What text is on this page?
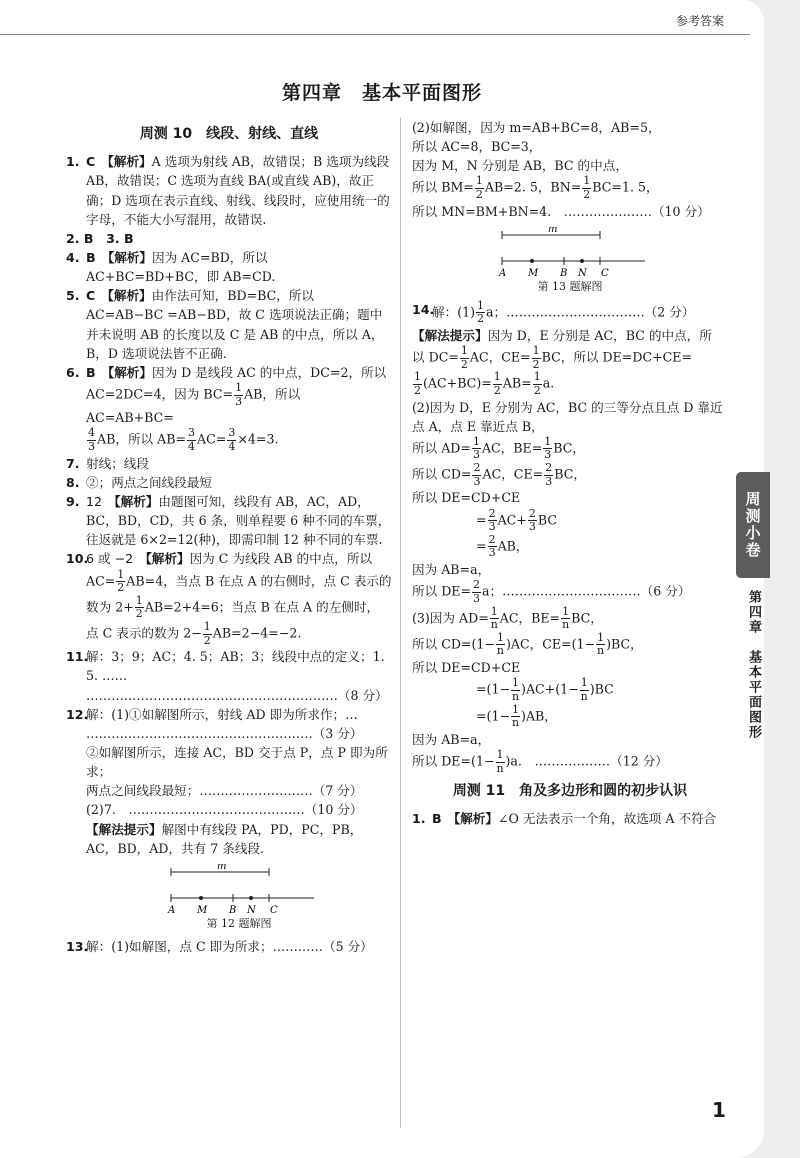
参考答案
第四章　基本平面图形
周测 10　线段、射线、直线
1. C 【解析】A 选项为射线 AB，故错误；B 选项为线段 AB，故错误；C 选项为直线 BA(或直线 AB)，故正确；D 选项在表示直线、射线、线段时，应使用统一的字母，不能大小写混用，故错误.

2. B　3. B

4. B 【解析】因为 AC=BD，所以 AC+BC=BD+BC，即 AB=CD.
5. C 【解析】由作法可知，BD=BC，所以 AC=AB−BC =AB−BD，故 C 选项说法正确；题中并未说明 AB 的长度以及 C 是 AB 的中点，所以 A，B，D 选项说法皆不正确.
6. B 【解析】因为 D 是线段 AC 的中点，DC=2，所以
AC=2DC=4，因为 $BC= \frac{1}{3}$ AB，所以 AC=AB+BC=

$\frac{4}{3}$ AB，所以 $AB= \frac{3}{4} AC= \frac{3}{4} \times 4=3$.
7. 射线；线段
8. ②；两点之间线段最短
9. 12 【解析】由题图可知，线段有 AB，AC，AD，BC，BD，CD，共 6 条，则单程要 6 种不同的车票，往返就是 6×2=12(种)，即需印制 12 种不同的车票.
10.
6 或 −2 【解析】因为 C 为线段 AB 的中点，所以
$AC= \frac{1}{2} AB=4$，当点 B 在点 A 的右侧时，点 C 表示的
数为 $2+ \frac{1}{2} AB=2+4=6$；当点 B 在点 A 的左侧时，
点 C 表示的数为 $2- \frac{1}{2} AB=2-4=-2$.
11.
解：3；9；AC；4. 5；AB；3；线段中点的定义；1. 5. ……
……………………………………………………（8 分）
12.
解：(1)①如解图所示，射线 AD 即为所求作；…
………………………………………………（3 分）
②如解图所示，连接 AC，BD 交于点 P，点 P 即为所求；
两点之间线段最短；………………………（7 分）
(2)7.　……………………………………（10 分）
【解法提示】解图中有线段 PA，PD，PC，PB，AC，BD，AD，共有 7 条线段.
m
A M B N C
第 12 题解图
13.
解：(1)如解图，点 C 即为所求；…………（5 分）

(2)如解图，因为 m=AB+BC=8，AB=5，

所以 AC=8，BC=3，

因为 M，N 分别是 AB，BC 的中点，

所以 $BM= \frac{1}{2} AB=2$. 5，$BN= \frac{1}{2} BC=1$. 5，

所以 MN=BM+BN=4.　…………………（10 分）

m
A M B N C
第 13 题解图
14.
解：$(1) \frac{1}{2}$ a；……………………………（2 分）

【解法提示】因为 D，E 分别是 AC，BC 的中点，所
以 $DC= \frac{1}{2}$ AC，$CE= \frac{1}{2}$ BC，所以 DE=DC+CE=

$\frac{1}{2} (AC+BC)= \frac{1}{2} AB= \frac{1}{2} a$.

(2)因为 D，E 分别为 AC，BC 的三等分点且点 D 靠近点 A，点 E 靠近点 B，

所以 $AD= \frac{1}{3}$ AC，$BE= \frac{1}{3}$ BC，

所以 $CD= \frac{2}{3}$ AC，$CE= \frac{2}{3}$ BC，

所以 DE=CD+CE

= $\frac{2}{3} AC+ \frac{2}{3}$ BC

= $\frac{2}{3}$ AB，

因为 AB=a，

所以 $DE= \frac{2}{3}$ a；……………………………（6 分）

(3)因为 $AD= \frac{1}{n}$ AC，$BE= \frac{1}{n}$ BC，

所以 $CD=(1- \frac{1}{n} )AC$，$CE=(1- \frac{1}{n} )BC$，

所以 DE=CD+CE

$=(1- \frac{1}{n} )AC+(1- \frac{1}{n} )BC$

$=(1- \frac{1}{n} )AB$，

因为 AB=a，

所以 $DE=(1- \frac{1}{n} )a$.　………………（12 分）

周测 11　角及多边形和圆的初步认识
1. B 【解析】∠O 无法表示一个角，故选项 A 不符合
1
周测小卷
第四章　基本平面图形
